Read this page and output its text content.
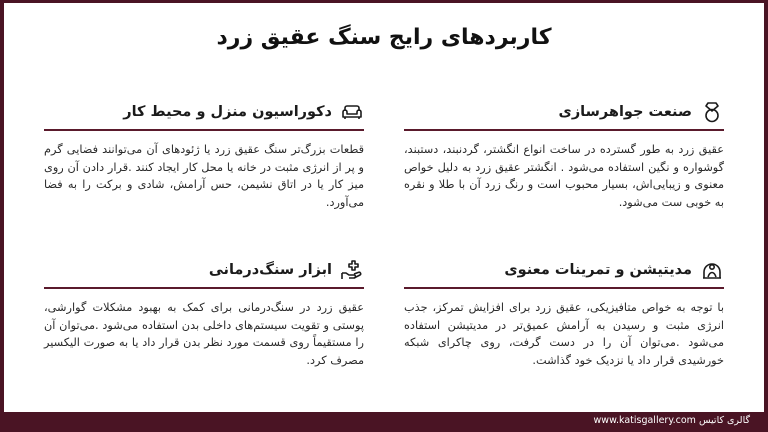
کاربردهای رایج سنگ عقیق زرد
صنعت جواهرسازی
عقیق زرد به طور گسترده در ساخت انواع انگشتر، گردنبند، دستبند، گوشواره و نگین استفاده می‌شود . انگشتر عقیق زرد به دلیل خواص معنوی و زیبایی‌اش، بسیار محبوب است و رنگ زرد آن با طلا و نقره به خوبی ست می‌شود.
دکوراسیون منزل و محیط کار
قطعات بزرگ‌تر سنگ عقیق زرد یا ژئودهای آن می‌توانند فضایی گرم و پر از انرژی مثبت در خانه یا محل کار ایجاد کنند .قرار دادن آن روی میز کار یا در اتاق نشیمن، حس آرامش، شادی و برکت را به فضا می‌آورد.
مدیتیشن و تمرینات معنوی
با توجه به خواص متافیزیکی، عقیق زرد برای افزایش تمرکز، جذب انرژی مثبت و رسیدن به آرامش عمیق‌تر در مدیتیشن استفاده می‌شود .می‌توان آن را در دست گرفت، روی چاکرای شبکه خورشیدی قرار داد یا نزدیک خود گذاشت.
ابزار سنگ‌درمانی
عقیق زرد در سنگ‌درمانی برای کمک به بهبود مشکلات گوارشی، پوستی و تقویت سیستم‌های داخلی بدن استفاده می‌شود .می‌توان آن را مستقیماً روی قسمت مورد نظر بدن قرار داد یا به صورت الیکسیر مصرف کرد.
گالری کاتیس www.katisgallery.com
